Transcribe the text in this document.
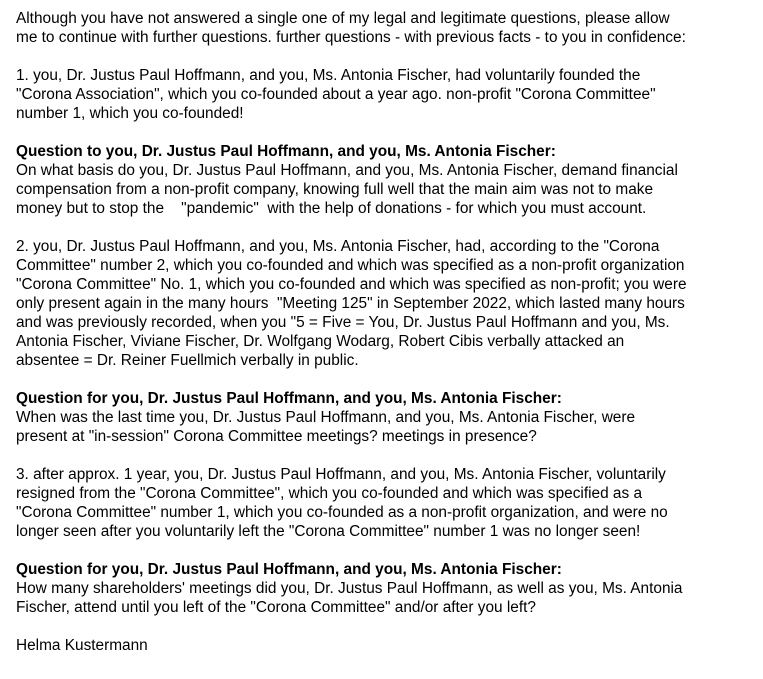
Although you have not answered a single one of my legal and legitimate questions, please allow
me to continue with further questions. further questions - with previous facts - to you in confidence:
1. you, Dr. Justus Paul Hoffmann, and you, Ms. Antonia Fischer, had voluntarily founded the
"Corona Association", which you co-founded about a year ago. non-profit "Corona Committee"
number 1, which you co-founded!
Question to you, Dr. Justus Paul Hoffmann, and you, Ms. Antonia Fischer:
On what basis do you, Dr. Justus Paul Hoffmann, and you, Ms. Antonia Fischer, demand financial
compensation from a non-profit company, knowing full well that the main aim was not to make
money but to stop the    "pandemic"  with the help of donations - for which you must account.
2. you, Dr. Justus Paul Hoffmann, and you, Ms. Antonia Fischer, had, according to the "Corona
Committee" number 2, which you co-founded and which was specified as a non-profit organization
"Corona Committee" No. 1, which you co-founded and which was specified as non-profit; you were
only present again in the many hours  "Meeting 125" in September 2022, which lasted many hours
and was previously recorded, when you "5 = Five = You, Dr. Justus Paul Hoffmann and you, Ms.
Antonia Fischer, Viviane Fischer, Dr. Wolfgang Wodarg, Robert Cibis verbally attacked an
absentee = Dr. Reiner Fuellmich verbally in public.
Question for you, Dr. Justus Paul Hoffmann, and you, Ms. Antonia Fischer:
When was the last time you, Dr. Justus Paul Hoffmann, and you, Ms. Antonia Fischer, were
present at "in-session" Corona Committee meetings? meetings in presence?
3. after approx. 1 year, you, Dr. Justus Paul Hoffmann, and you, Ms. Antonia Fischer, voluntarily
resigned from the "Corona Committee", which you co-founded and which was specified as a
"Corona Committee" number 1, which you co-founded as a non-profit organization, and were no
longer seen after you voluntarily left the "Corona Committee" number 1 was no longer seen!
Question for you, Dr. Justus Paul Hoffmann, and you, Ms. Antonia Fischer:
How many shareholders' meetings did you, Dr. Justus Paul Hoffmann, as well as you, Ms. Antonia
Fischer, attend until you left of the "Corona Committee" and/or after you left?
Helma Kustermann
